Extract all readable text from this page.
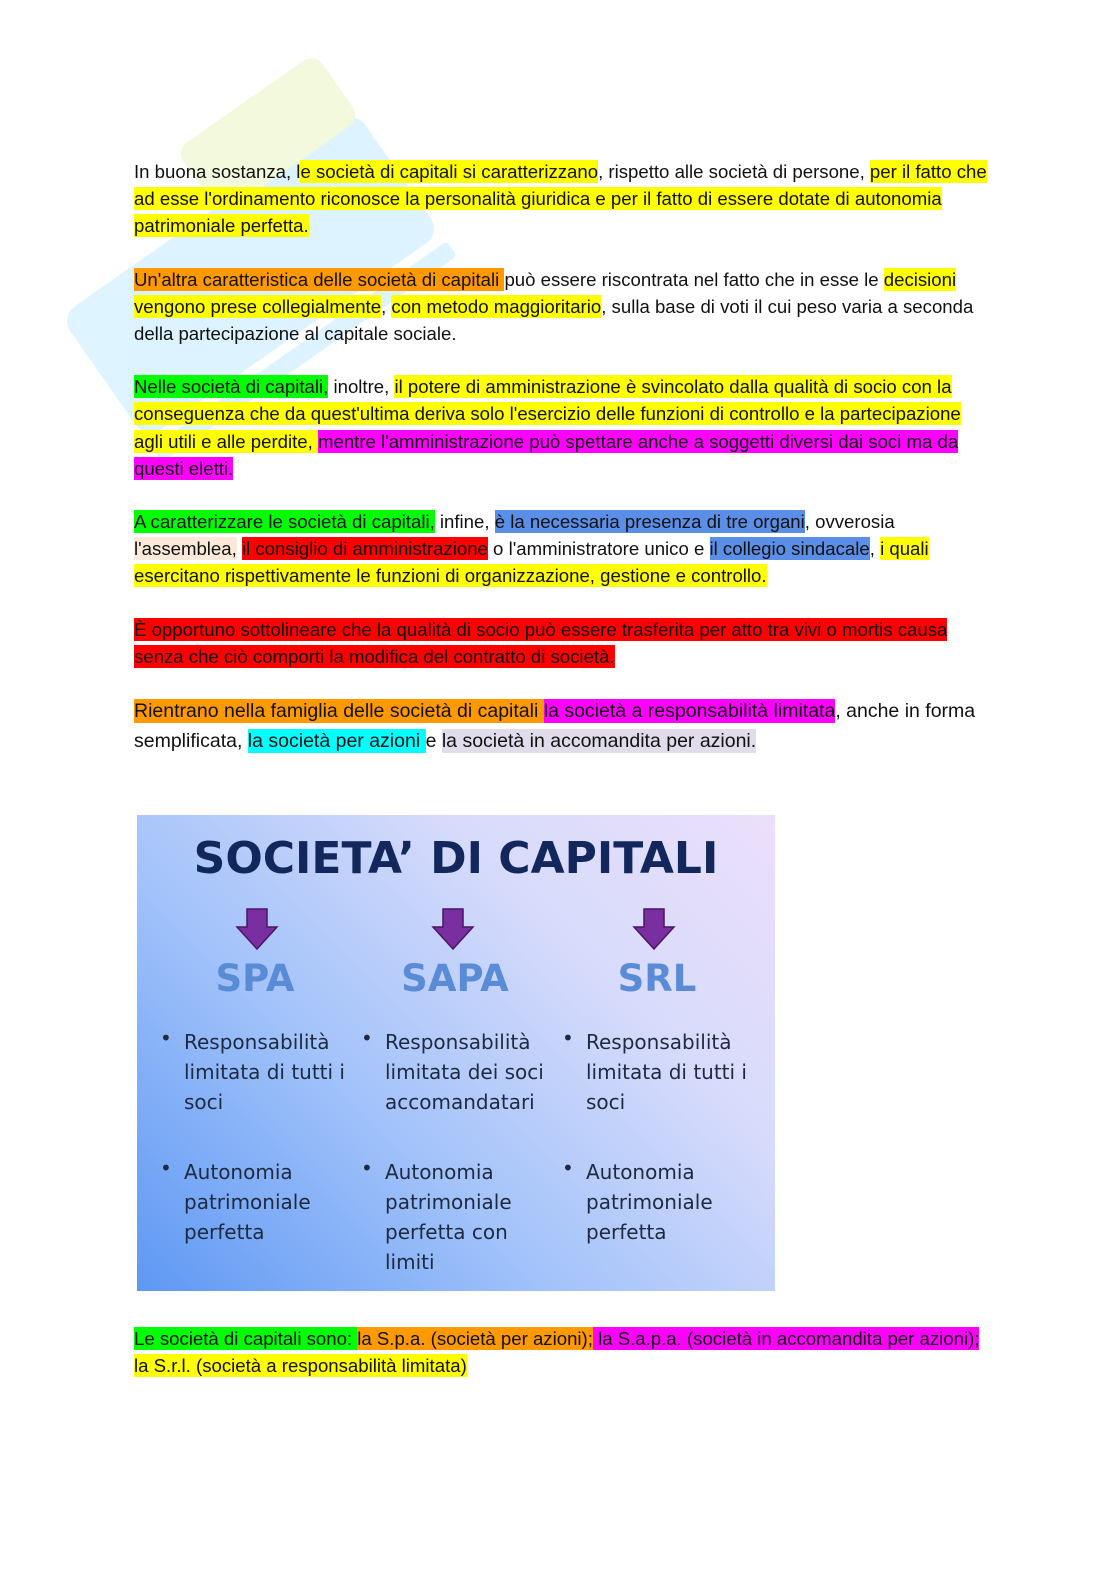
In buona sostanza, le società di capitali si caratterizzano, rispetto alle società di persone, per il fatto che ad esse l'ordinamento riconosce la personalità giuridica e per il fatto di essere dotate di autonomia patrimoniale perfetta.

Un'altra caratteristica delle società di capitali può essere riscontrata nel fatto che in esse le decisioni vengono prese collegialmente, con metodo maggioritario, sulla base di voti il cui peso varia a seconda della partecipazione al capitale sociale.

Nelle società di capitali, inoltre, il potere di amministrazione è svincolato dalla qualità di socio con la conseguenza che da quest'ultima deriva solo l'esercizio delle funzioni di controllo e la partecipazione agli utili e alle perdite, mentre l'amministrazione può spettare anche a soggetti diversi dai soci ma da questi eletti.

A caratterizzare le società di capitali, infine, è la necessaria presenza di tre organi, ovverosia l'assemblea, il consiglio di amministrazione o l'amministratore unico e il collegio sindacale, i quali esercitano rispettivamente le funzioni di organizzazione, gestione e controllo.

È opportuno sottolineare che la qualità di socio può essere trasferita per atto tra vivi o mortis causa senza che ciò comporti la modifica del contratto di società.

Rientrano nella famiglia delle società di capitali la società a responsabilità limitata, anche in forma semplificata, la società per azioni e la società in accomandita per azioni.

SOCIETA’ DI CAPITALI
SPA	SAPA	SRL
• Responsabilità limitata di tutti i soci
• Autonomia patrimoniale perfetta
• Responsabilità limitata dei soci accomandatari
• Autonomia patrimoniale perfetta con limiti
• Responsabilità limitata di tutti i soci
• Autonomia patrimoniale perfetta
Le società di capitali sono: la S.p.a. (società per azioni); la S.a.p.a. (società in accomandita per azioni); la S.r.l. (società a responsabilità limitata)
